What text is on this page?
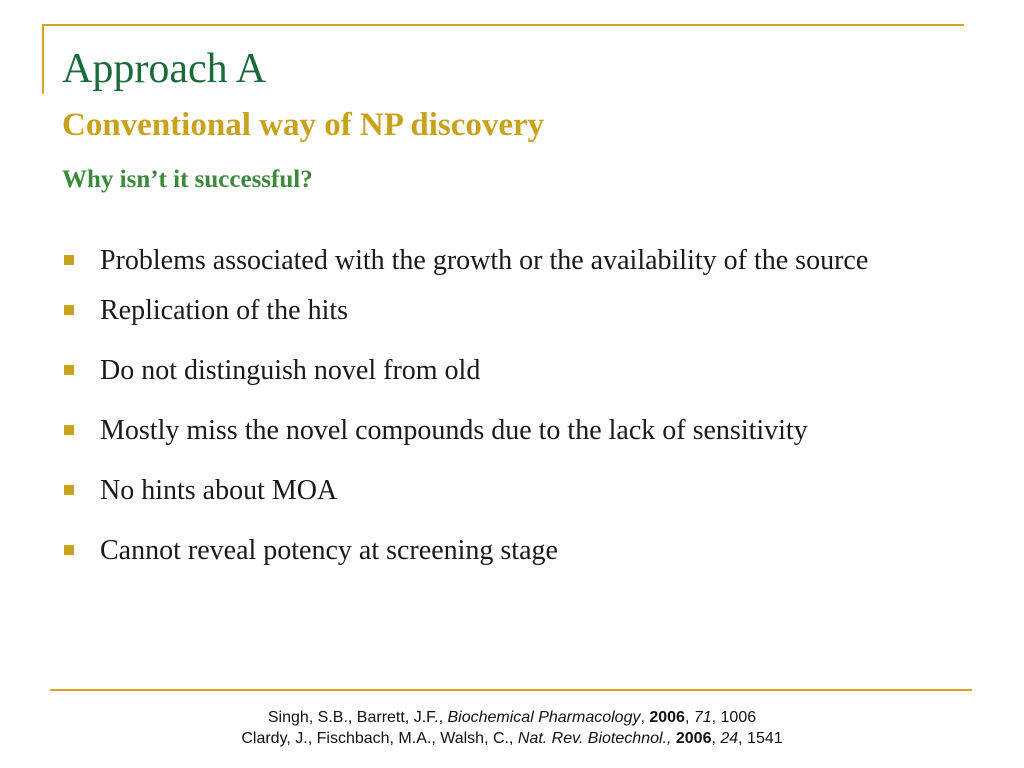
Approach A
Conventional way of NP discovery
Why isn’t it successful?
Problems associated with the growth or the availability of the source
Replication of the hits
Do not distinguish novel from old
Mostly miss the novel compounds due to the lack of sensitivity
No hints about MOA
Cannot reveal potency at screening stage
Singh, S.B., Barrett, J.F., Biochemical Pharmacology, 2006, 71, 1006
Clardy, J., Fischbach, M.A., Walsh, C., Nat. Rev. Biotechnol., 2006, 24, 1541
